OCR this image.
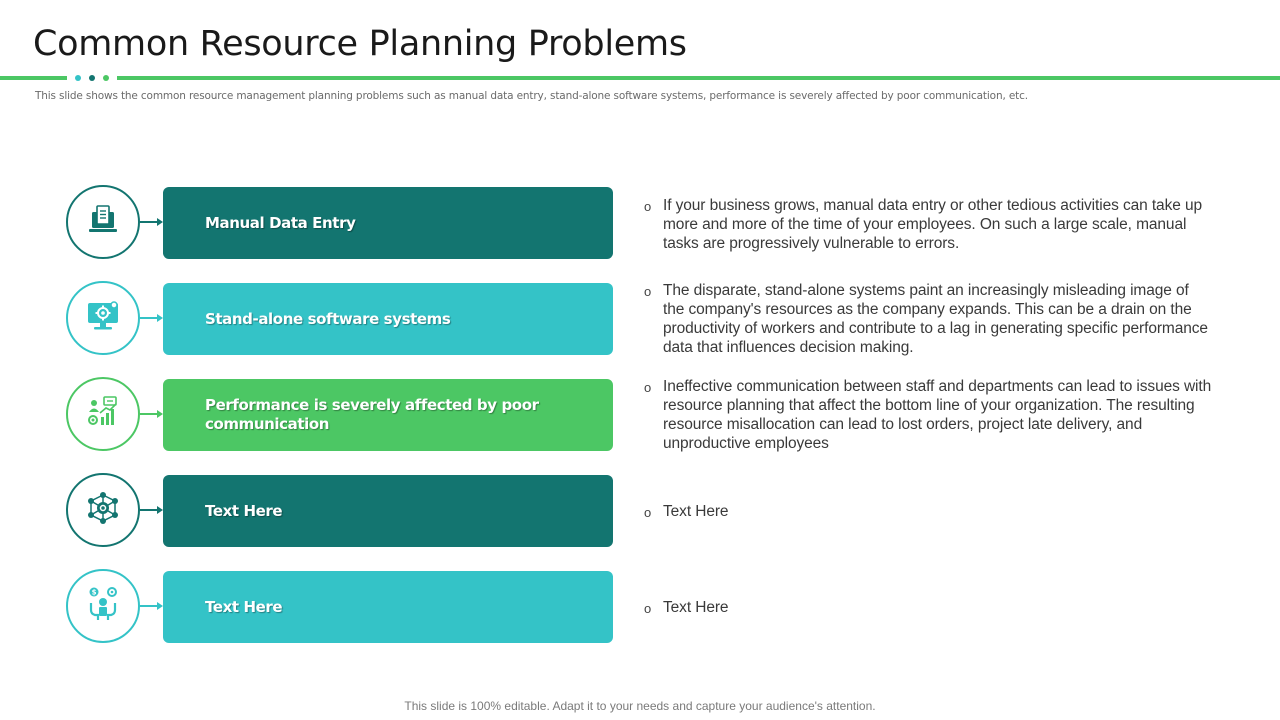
Common Resource Planning Problems
This slide shows the common resource management planning problems such as manual data entry, stand-alone software systems, performance is severely affected by poor communication, etc.
Manual Data Entry
o If your business grows, manual data entry or other tedious activities can take up more and more of the time of your employees. On such a large scale, manual tasks are progressively vulnerable to errors.
Stand-alone software systems
o The disparate, stand-alone systems paint an increasingly misleading image of the company's resources as the company expands. This can be a drain on the productivity of workers and contribute to a lag in generating specific performance data that influences decision making.
Performance is severely affected by poor communication
o Ineffective communication between staff and departments can lead to issues with resource planning that affect the bottom line of your organization. The resulting resource misallocation can lead to lost orders, project late delivery, and unproductive employees
Text Here	o Text Here
$
Text Here	o Text Here
This slide is 100% editable. Adapt it to your needs and capture your audience's attention.
